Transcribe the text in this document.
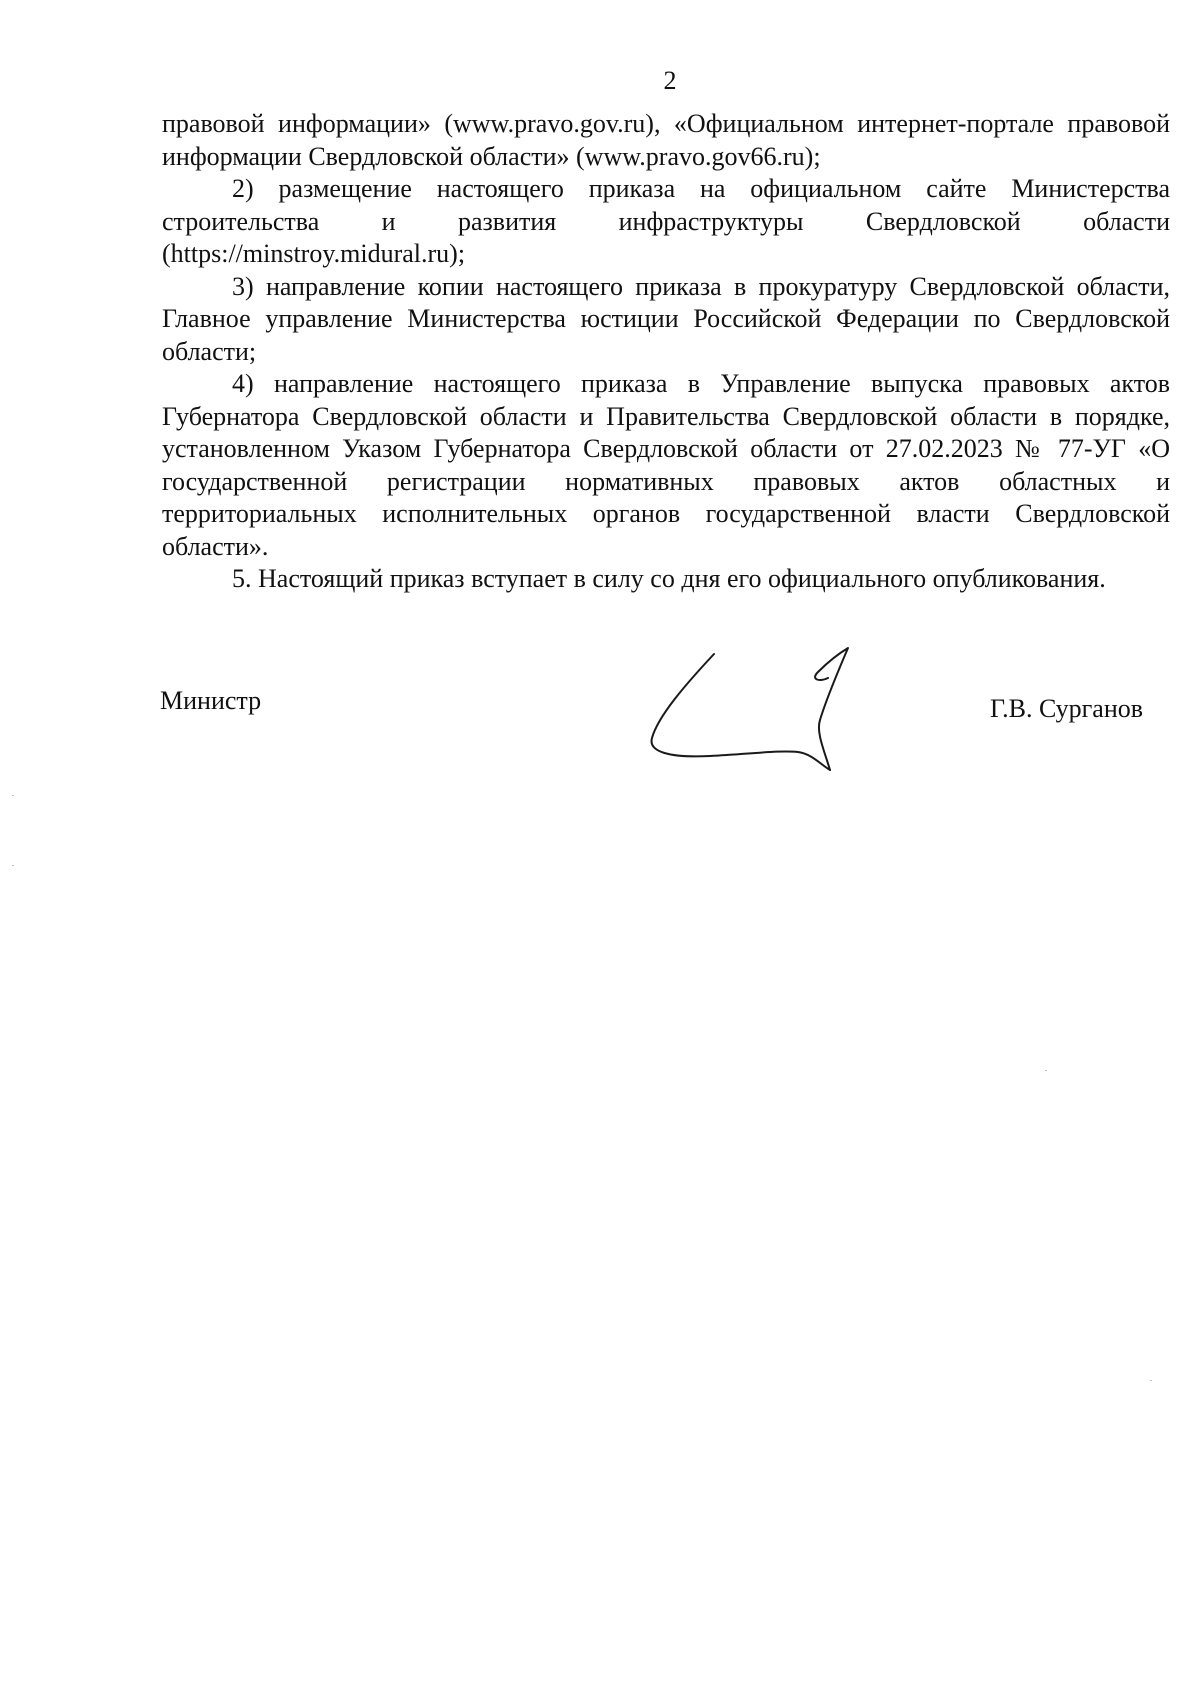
2

правовой информации» (www.pravo.gov.ru), «Официальном интернет-портале правовой информации Свердловской области» (www.pravo.gov66.ru);

2) размещение настоящего приказа на официальном сайте Министерства строительства и развития инфраструктуры Свердловской области (https://minstroy.midural.ru);

3) направление копии настоящего приказа в прокуратуру Свердловской области, Главное управление Министерства юстиции Российской Федерации по Свердловской области;

4) направление настоящего приказа в Управление выпуска правовых актов Губернатора Свердловской области и Правительства Свердловской области в порядке, установленном Указом Губернатора Свердловской области от 27.02.2023 № 77-УГ «О государственной регистрации нормативных правовых актов областных и территориальных исполнительных органов государственной власти Свердловской области».

5. Настоящий приказ вступает в силу со дня его официального опубликования.

Министр	Г.В. Сурганов
